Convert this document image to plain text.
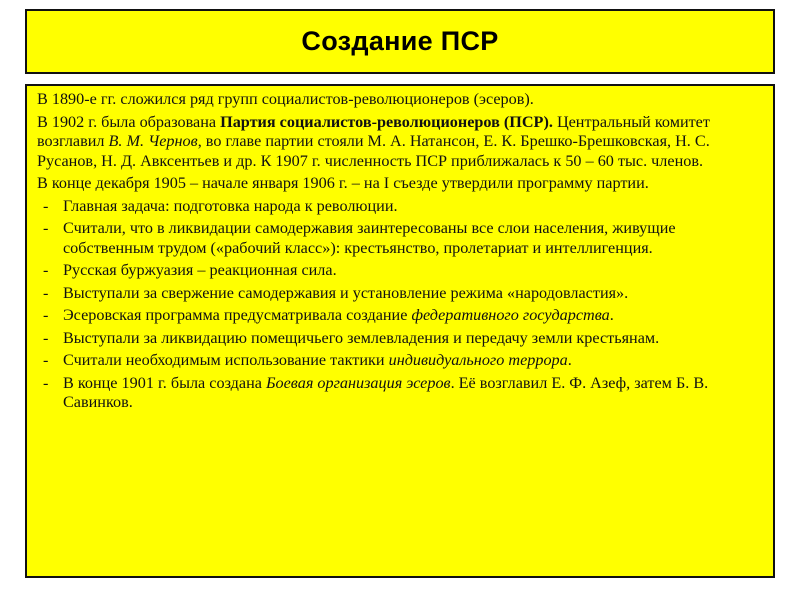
Создание ПСР

В 1890-е гг. сложился ряд групп социалистов-революционеров (эсеров).

В 1902 г. была образована Партия социалистов-революционеров (ПСР). Центральный комитет возглавил В. М. Чернов, во главе партии стояли М. А. Натансон, Е. К. Брешко-Брешковская, Н. С. Русанов, Н. Д. Авксентьев и др. К 1907 г. численность ПСР приближалась к 50 – 60 тыс. членов.

В конце декабря 1905 – начале января 1906 г. – на I съезде утвердили программу партии.

- Главная задача: подготовка народа к революции.
- Считали, что в ликвидации самодержавия заинтересованы все слои населения, живущие собственным трудом («рабочий класс»): крестьянство, пролетариат и интеллигенция.
- Русская буржуазия – реакционная сила.
- Выступали за свержение самодержавия и установление режима «народовластия».
- Эсеровская программа предусматривала создание федеративного государства.
- Выступали за ликвидацию помещичьего землевладения и передачу земли крестьянам.
- Считали необходимым использование тактики индивидуального террора.
- В конце 1901 г. была создана Боевая организация эсеров. Её возглавил Е. Ф. Азеф, затем Б. В. Савинков.
